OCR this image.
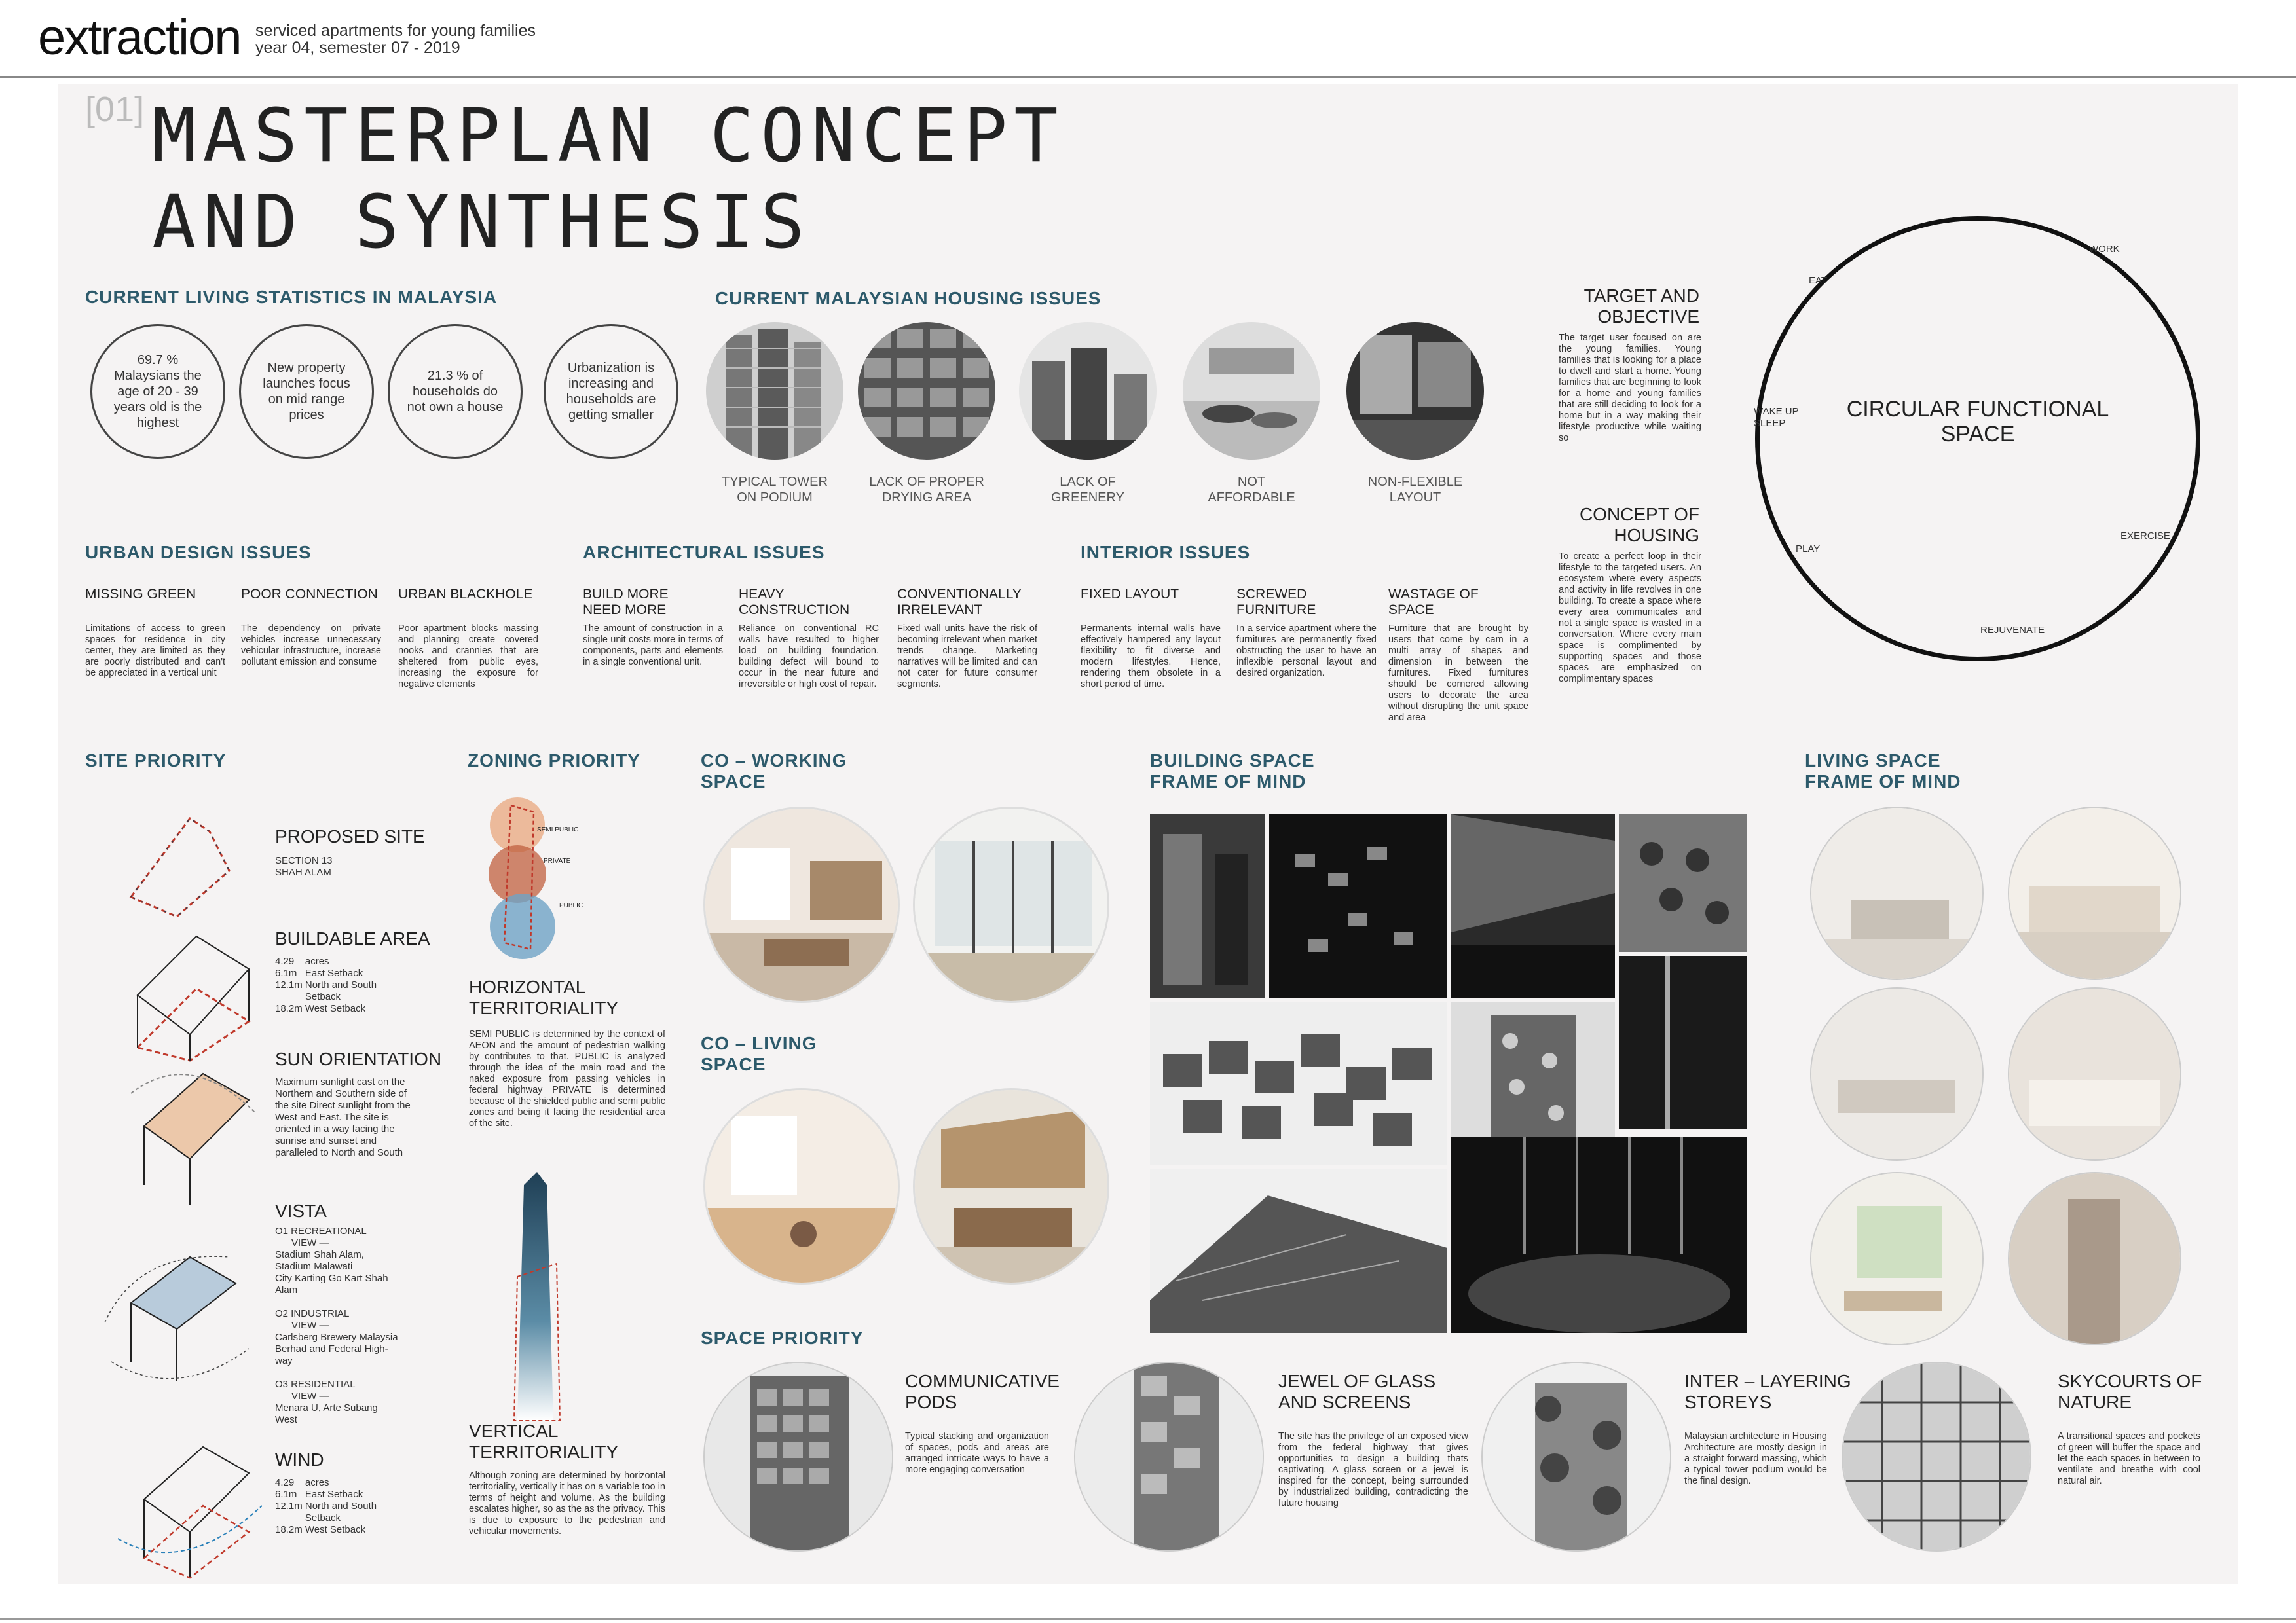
extraction serviced apartments for young families
year 04, semester 07 - 2019
[01] MASTERPLAN CONCEPT
AND SYNTHESIS
CURRENT LIVING STATISTICS IN MALAYSIA
69.7 % Malaysians the age of 20 - 39 years old is the highest
New property launches focus on mid range prices
21.3 % of households do not own a house
Urbanization is increasing and households are getting smaller
CURRENT MALAYSIAN HOUSING ISSUES
TYPICAL TOWER
ON PODIUM
LACK OF PROPER
DRYING AREA
LACK OF
GREENERY
NOT
AFFORDABLE
NON-FLEXIBLE
LAYOUT
TARGET AND
OBJECTIVE
The target user focused on are the young families. Young families that is looking for a place to dwell and start a home. Young families that are beginning to look for a home and young families that are still deciding to look for a home but in a way making their lifestyle productive while waiting so
CONCEPT OF
HOUSING
To create a perfect loop in their lifestyle to the targeted users. An ecosystem where every aspects and activity in life revolves in one building. To create a space where every area communicates and not a single space is wasted in a conversation. Where every main space is complimented by supporting spaces and those spaces are emphasized on complimentary spaces
CIRCULAR FUNCTIONAL
SPACE
WORK
EAT
WAKE UP
SLEEP
PLAY
EXERCISE
REJUVENATE
URBAN DESIGN ISSUES
MISSING GREEN
Limitations of access to green spaces for residence in city center, they are limited as they are poorly distributed and can't be appreciated in a vertical unit
POOR CONNECTION
The dependency on private vehicles increase unnecessary vehicular infrastructure, increase pollutant emission and consume
URBAN BLACKHOLE
Poor apartment blocks massing and planning create covered nooks and crannies that are sheltered from public eyes, increasing the exposure for negative elements
ARCHITECTURAL ISSUES
BUILD MORE
NEED MORE
The amount of construction in a single unit costs more in terms of components, parts and elements in a single conventional unit.
HEAVY
CONSTRUCTION
Reliance on conventional RC walls have resulted to higher load on building foundation. building defect will bound to occur in the near future and irreversible or high cost of repair.
CONVENTIONALLY
IRRELEVANT
Fixed wall units have the risk of becoming irrelevant when market trends change. Marketing narratives will be limited and can not cater for future consumer segments.
INTERIOR ISSUES
FIXED LAYOUT
Permanents internal walls have effectively hampered any layout flexibility to fit diverse and modern lifestyles. Hence, rendering them obsolete in a short period of time.
SCREWED
FURNITURE
In a service apartment where the furnitures are permanently fixed obstructing the user to have an inflexible personal layout and desired organization.
WASTAGE OF
SPACE
Furniture that are brought by users that come by cam in a multi array of shapes and dimension in between the furnitures. Fixed furnitures should be cornered allowing users to decorate the area without disrupting the unit space and area
SITE PRIORITY
PROPOSED SITE
SECTION 13
SHAH ALAM
BUILDABLE AREA
4.29    acres
6.1m   East Setback
12.1m North and South
Setback
18.2m West Setback
SUN ORIENTATION
Maximum sunlight cast on the Northern and Southern side of the site Direct sunlight from the West and East. The site is oriented in a way facing the sunrise and sunset and paralleled to North and South
VISTA
O1 RECREATIONAL
VIEW —
Stadium Shah Alam,
Stadium Malawati
City Karting Go Kart Shah
Alam

O2 INDUSTRIAL
VIEW —
Carlsberg Brewery Malaysia
Berhad and Federal High-
way

O3 RESIDENTIAL
VIEW —
Menara U, Arte Subang
West
WIND
4.29    acres
6.1m   East Setback
12.1m North and South
Setback
18.2m West Setback
ZONING PRIORITY
SEMI PUBLIC
PRIVATE
PUBLIC
HORIZONTAL
TERRITORIALITY
SEMI PUBLIC is determined by the context of AEON and the amount of pedestrian walking by contributes to that. PUBLIC is analyzed through the idea of the main road and the naked exposure from passing vehicles in federal highway PRIVATE is determined because of the shielded public and semi public zones and being it facing the residential area of the site.
VERTICAL
TERRITORIALITY
Although zoning are determined by horizontal territoriality, vertically it has on a variable too in terms of height and volume. As the building escalates higher, so as the as the privacy. This is due to exposure to the pedestrian and vehicular movements.
CO – WORKING
SPACE
CO – LIVING
SPACE
SPACE PRIORITY
COMMUNICATIVE
PODS
Typical stacking and organization of spaces, pods and areas are arranged intricate ways to have a more engaging conversation
JEWEL OF GLASS
AND SCREENS
The site has the privilege of an exposed view from the federal highway that gives opportunities to design a building thats captivating. A glass screen or a jewel is inspired for the concept, being surrounded by industrialized building, contradicting the future housing
INTER – LAYERING
STOREYS
Malaysian architecture in Housing Architecture are mostly design in a straight forward massing, which a typical tower podium would be the final design.
SKYCOURTS OF
NATURE
A transitional spaces and pockets of green will buffer the space and let the each spaces in between to ventilate and breathe with cool natural air.
BUILDING SPACE
FRAME OF MIND
LIVING SPACE
FRAME OF MIND
